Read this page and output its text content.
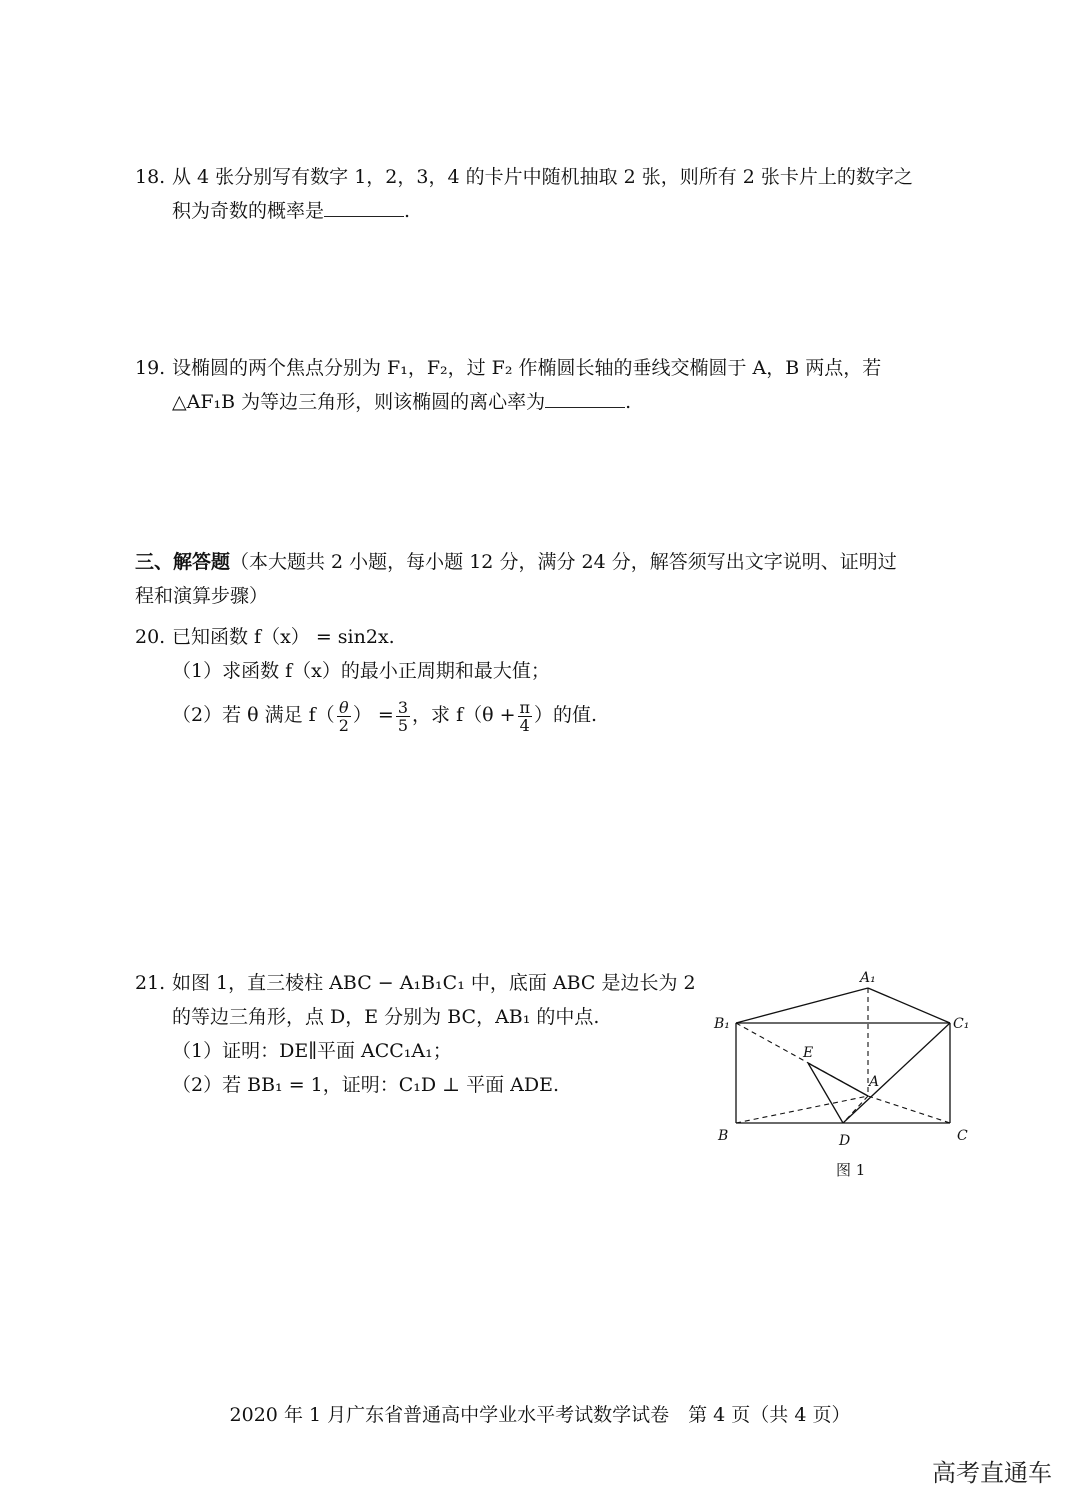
18. 从 4 张分别写有数字 1，2，3，4 的卡片中随机抽取 2 张，则所有 2 张卡片上的数字之
积为奇数的概率是	.
19. 设椭圆的两个焦点分别为 F₁，F₂，过 F₂ 作椭圆长轴的垂线交椭圆于 A，B 两点，若
△AF₁B 为等边三角形，则该椭圆的离心率为	.
三、解答题（本大题共 2 小题，每小题 12 分，满分 24 分，解答须写出文字说明、证明过
程和演算步骤）
20. 已知函数 f（x） = sin2x.
（1）求函数 f（x）的最小正周期和最大值；
（2）若 θ 满足 $f( \frac{\theta}{2}$ ） = $\frac{3}{5}$ ，求 $f(\theta + \frac{\pi}{4}$ ）的值.
21. 如图 1，直三棱柱 ABC − A₁B₁C₁ 中，底面 ABC 是边长为 2
的等边三角形，点 D，E 分别为 BC，AB₁ 的中点.
（1）证明：DE∥平面 ACC₁A₁；
（2）若 BB₁ = 1，证明：C₁D ⊥ 平面 ADE.
A₁
B₁	C₁
E
A
B	D	C
图 1
2020 年 1 月广东省普通高中学业水平考试数学试卷　第 4 页（共 4 页）
高考直通车
